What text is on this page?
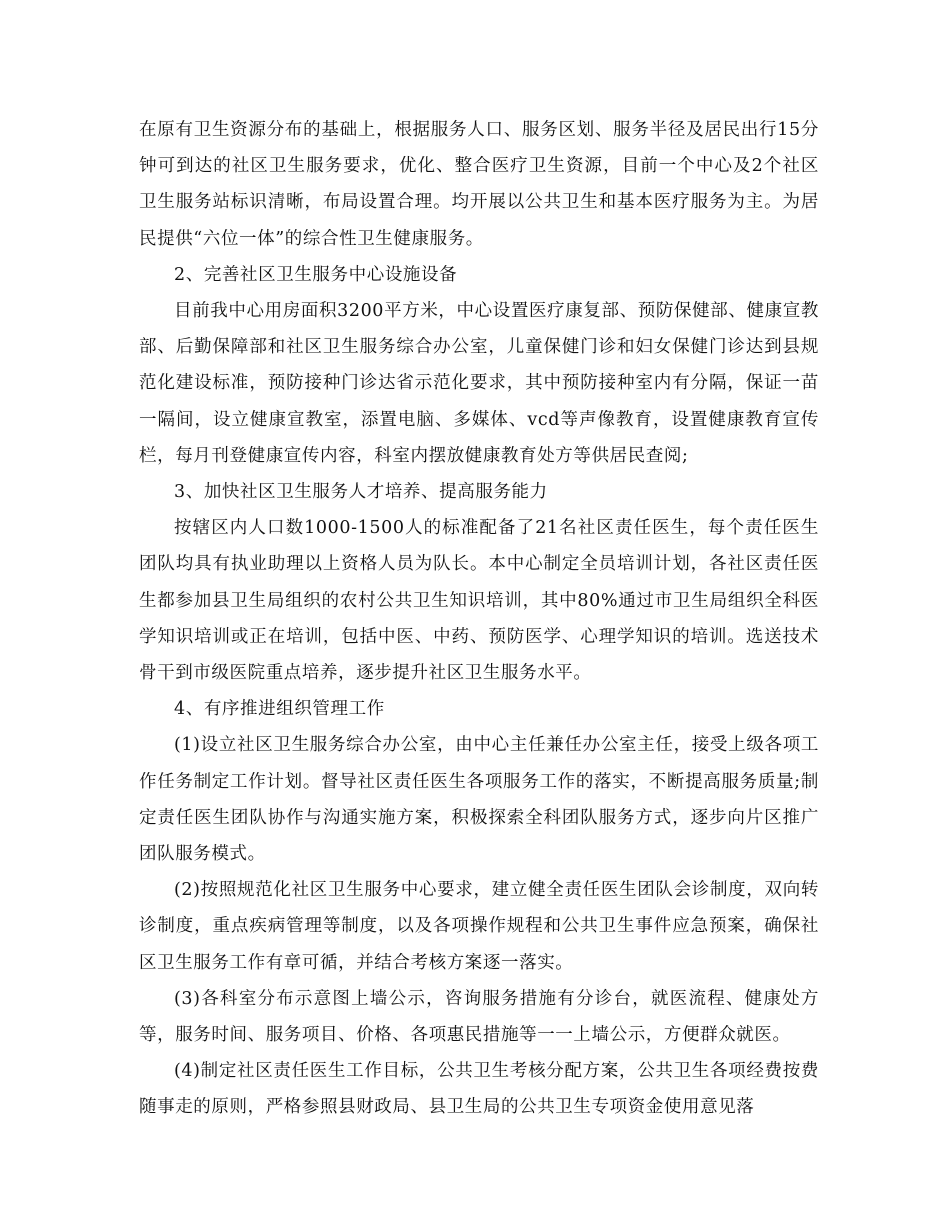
在原有卫生资源分布的基础上，根据服务人口、服务区划、服务半径及居民出行15分钟可到达的社区卫生服务要求，优化、整合医疗卫生资源，目前一个中心及2个社区卫生服务站标识清晰，布局设置合理。均开展以公共卫生和基本医疗服务为主。为居民提供“六位一体”的综合性卫生健康服务。

2、完善社区卫生服务中心设施设备

目前我中心用房面积3200平方米，中心设置医疗康复部、预防保健部、健康宣教部、后勤保障部和社区卫生服务综合办公室，儿童保健门诊和妇女保健门诊达到县规范化建设标准，预防接种门诊达省示范化要求，其中预防接种室内有分隔，保证一苗一隔间，设立健康宣教室，添置电脑、多媒体、vcd等声像教育，设置健康教育宣传栏，每月刊登健康宣传内容，科室内摆放健康教育处方等供居民查阅;

3、加快社区卫生服务人才培养、提高服务能力

按辖区内人口数1000-1500人的标准配备了21名社区责任医生，每个责任医生团队均具有执业助理以上资格人员为队长。本中心制定全员培训计划，各社区责任医生都参加县卫生局组织的农村公共卫生知识培训，其中80%通过市卫生局组织全科医学知识培训或正在培训，包括中医、中药、预防医学、心理学知识的培训。选送技术骨干到市级医院重点培养，逐步提升社区卫生服务水平。

4、有序推进组织管理工作

(1)设立社区卫生服务综合办公室，由中心主任兼任办公室主任，接受上级各项工作任务制定工作计划。督导社区责任医生各项服务工作的落实，不断提高服务质量;制定责任医生团队协作与沟通实施方案，积极探索全科团队服务方式，逐步向片区推广团队服务模式。

(2)按照规范化社区卫生服务中心要求，建立健全责任医生团队会诊制度，双向转诊制度，重点疾病管理等制度，以及各项操作规程和公共卫生事件应急预案，确保社区卫生服务工作有章可循，并结合考核方案逐一落实。

(3)各科室分布示意图上墙公示，咨询服务措施有分诊台，就医流程、健康处方等，服务时间、服务项目、价格、各项惠民措施等一一上墙公示，方便群众就医。

(4)制定社区责任医生工作目标，公共卫生考核分配方案，公共卫生各项经费按费随事走的原则，严格参照县财政局、县卫生局的公共卫生专项资金使用意见落
